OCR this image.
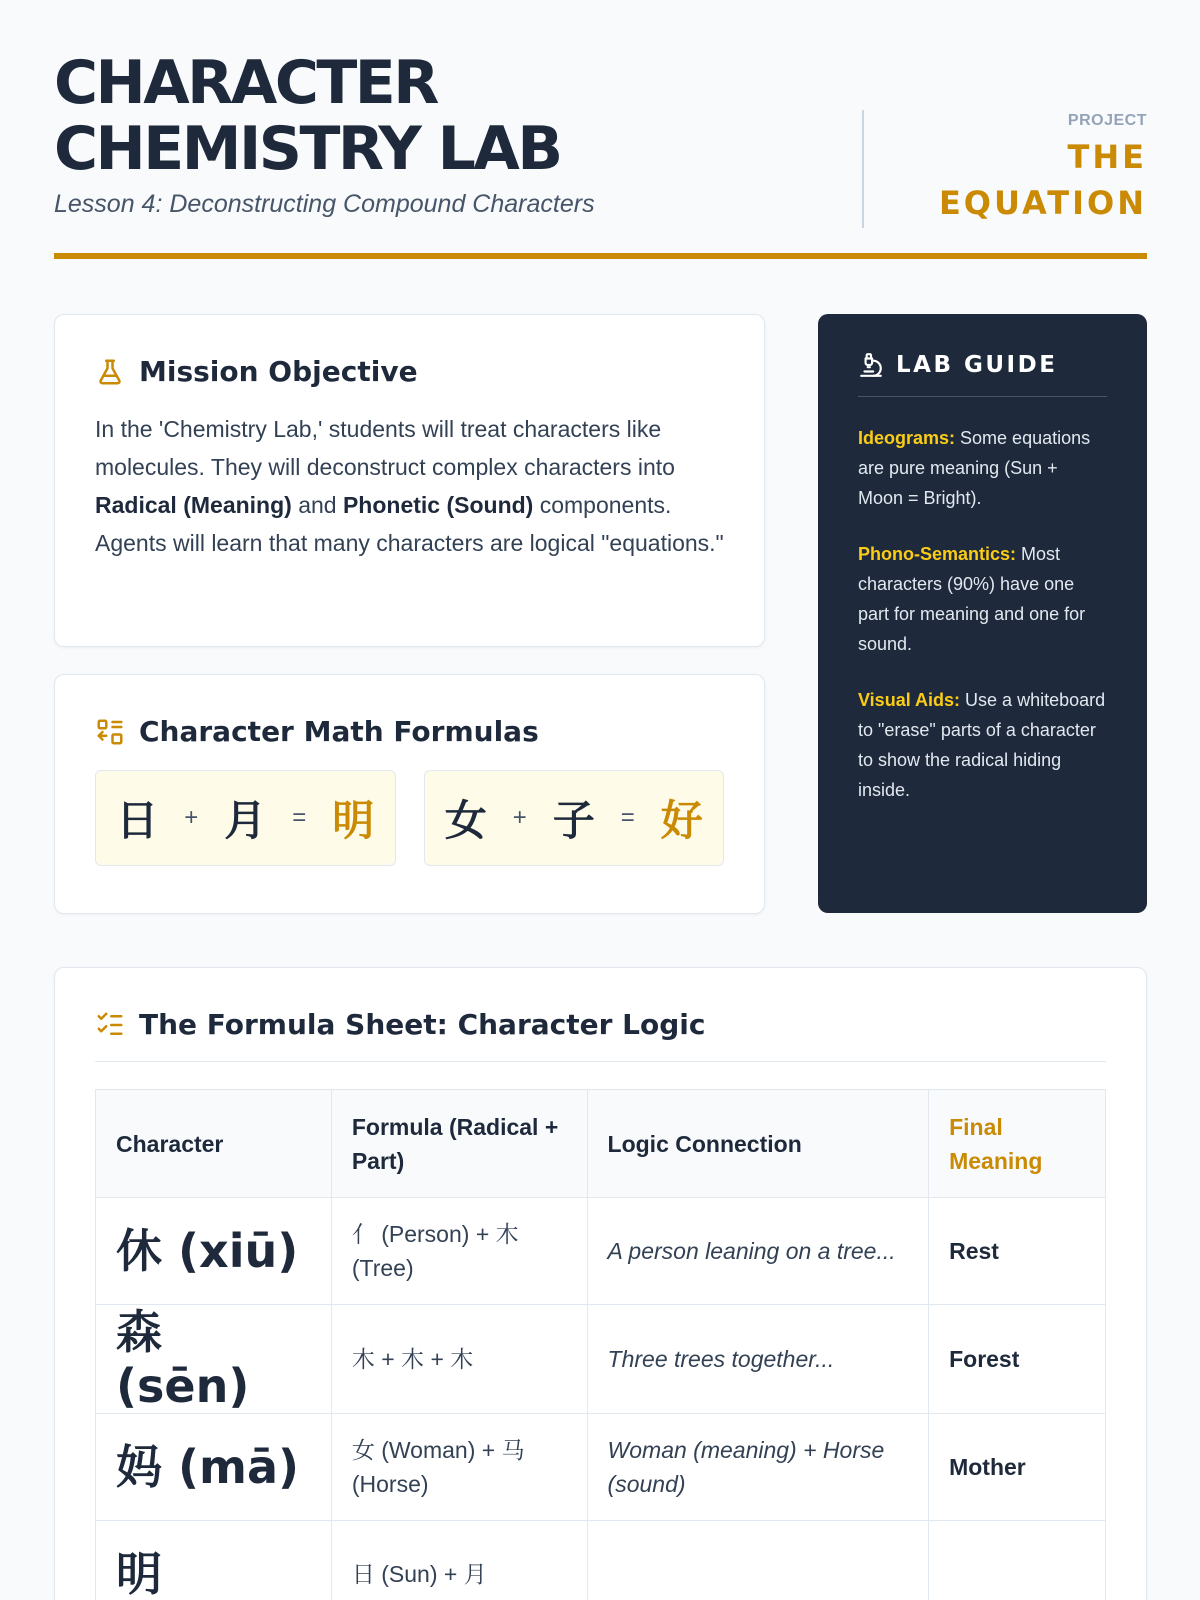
CHARACTER CHEMISTRY LAB
Lesson 4: Deconstructing Compound Characters
PROJECT
THE EQUATION
Mission Objective

In the 'Chemistry Lab,' students will treat characters like molecules. They will deconstruct complex characters into Radical (Meaning) and Phonetic (Sound) components. Agents will learn that many characters are logical "equations."

Character Math Formulas
日 + 月 = 明 女 + 子 = 好
LAB GUIDE

Ideograms: Some equations are pure meaning (Sun + Moon = Bright).

Phono-Semantics: Most characters (90%) have one part for meaning and one for sound.

Visual Aids: Use a whiteboard to "erase" parts of a character to show the radical hiding inside.

The Formula Sheet: Character Logic
Character	Formula (Radical + Part)	Logic Connection	Final Meaning
休 (xiū)	亻 (Person) + 木 (Tree)	A person leaning on a tree...	Rest
森 (sēn)	木 + 木 + 木	Three trees together...	Forest
妈 (mā)	女 (Woman) + 马 (Horse)	Woman (meaning) + Horse (sound)	Mother
明	日 (Sun) + 月		
